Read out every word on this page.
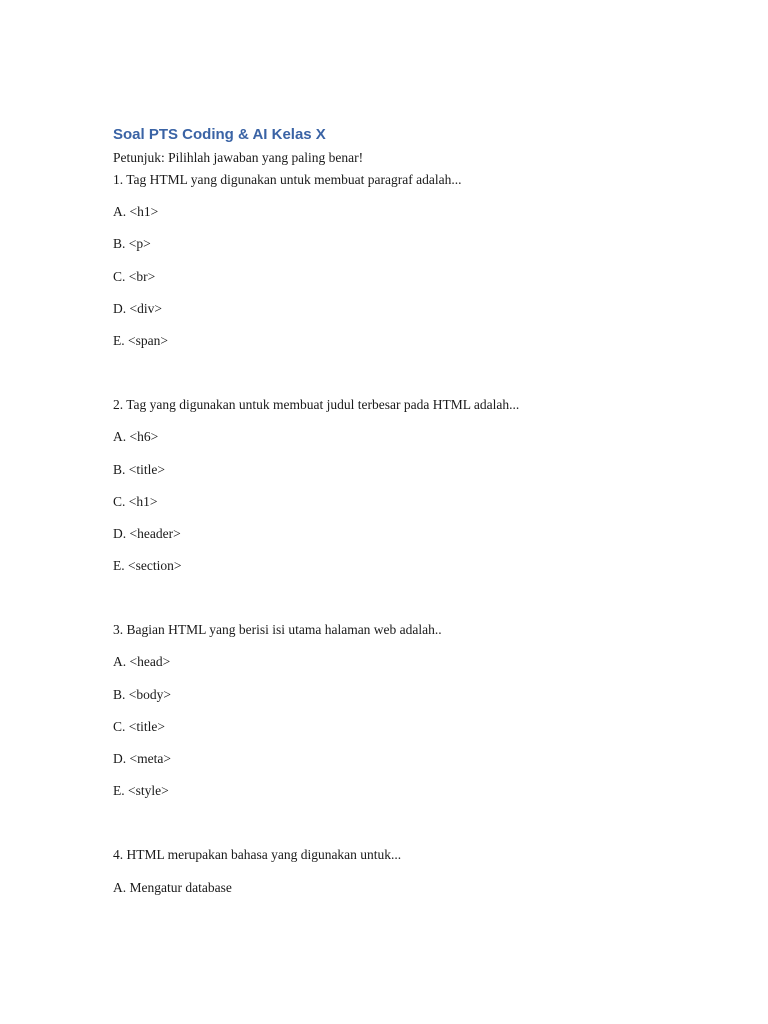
Soal PTS Coding & AI Kelas X

Petunjuk: Pilihlah jawaban yang paling benar!

1. Tag HTML yang digunakan untuk membuat paragraf adalah...

A. <h1>

B. <p>

C. <br>

D. <div>

E. <span>

2. Tag yang digunakan untuk membuat judul terbesar pada HTML adalah...

A. <h6>

B. <title>

C. <h1>

D. <header>

E. <section>

3. Bagian HTML yang berisi isi utama halaman web adalah..

A. <head>

B. <body>

C. <title>

D. <meta>

E. <style>

4. HTML merupakan bahasa yang digunakan untuk...

A. Mengatur database
